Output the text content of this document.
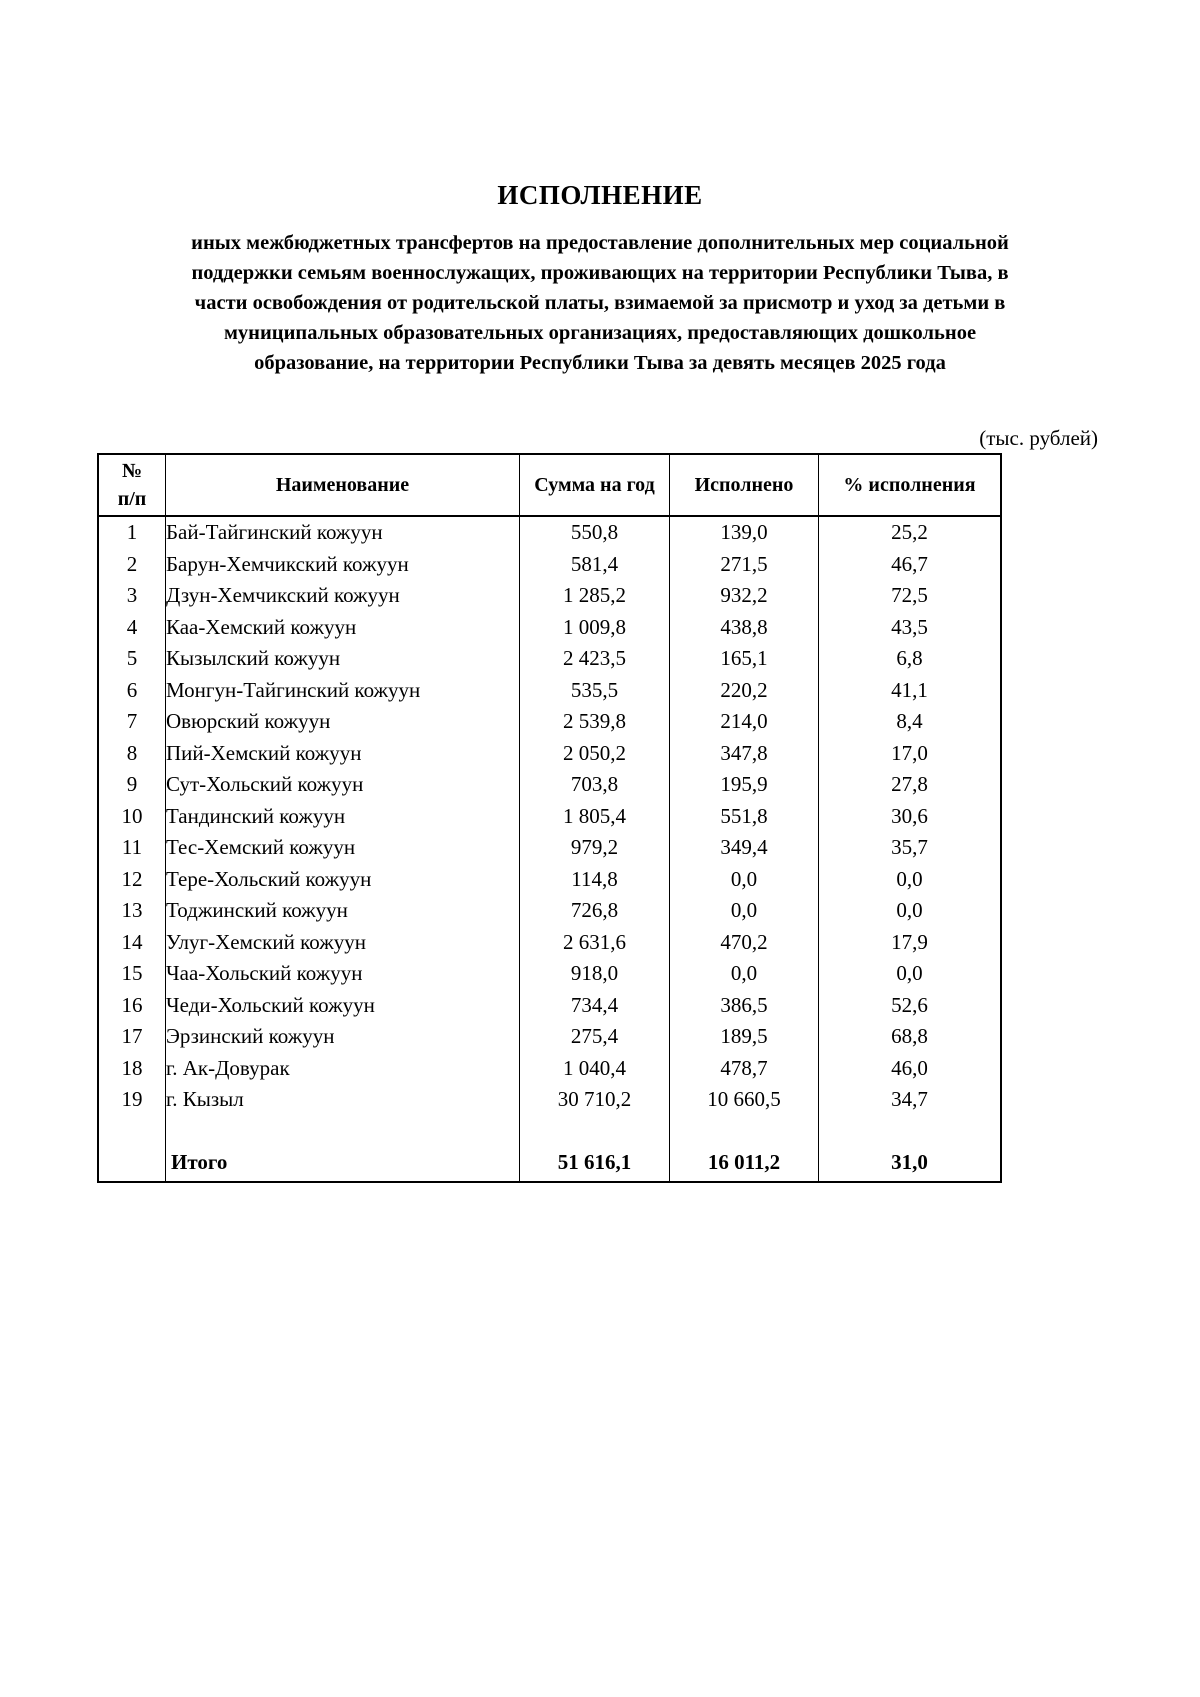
ИСПОЛНЕНИЕ
иных межбюджетных трансфертов на предоставление дополнительных мер социальной
поддержки семьям военнослужащих, проживающих на территории Республики Тыва, в
части освобождения от родительской платы, взимаемой за присмотр и уход за детьми в
муниципальных образовательных организациях, предоставляющих дошкольное
образование, на территории Республики Тыва за девять месяцев 2025 года
(тыс. рублей)
№
п/п	Наименование	Сумма на год	Исполнено	% исполнения
1	Бай-Тайгинский кожуун	550,8	139,0	25,2
2	Барун-Хемчикский кожуун	581,4	271,5	46,7
3	Дзун-Хемчикский кожуун	1 285,2	932,2	72,5
4	Каа-Хемский кожуун	1 009,8	438,8	43,5
5	Кызылский кожуун	2 423,5	165,1	6,8
6	Монгун-Тайгинский кожуун	535,5	220,2	41,1
7	Овюрский кожуун	2 539,8	214,0	8,4
8	Пий-Хемский кожуун	2 050,2	347,8	17,0
9	Сут-Хольский кожуун	703,8	195,9	27,8
10	Тандинский кожуун	1 805,4	551,8	30,6
11	Тес-Хемский кожуун	979,2	349,4	35,7
12	Тере-Хольский кожуун	114,8	0,0	0,0
13	Тоджинский кожуун	726,8	0,0	0,0
14	Улуг-Хемский кожуун	2 631,6	470,2	17,9
15	Чаа-Хольский кожуун	918,0	0,0	0,0
16	Чеди-Хольский кожуун	734,4	386,5	52,6
17	Эрзинский кожуун	275,4	189,5	68,8
18	г. Ак-Довурак	1 040,4	478,7	46,0
19	г. Кызыл	30 710,2	10 660,5	34,7

	Итого	51 616,1	16 011,2	31,0
